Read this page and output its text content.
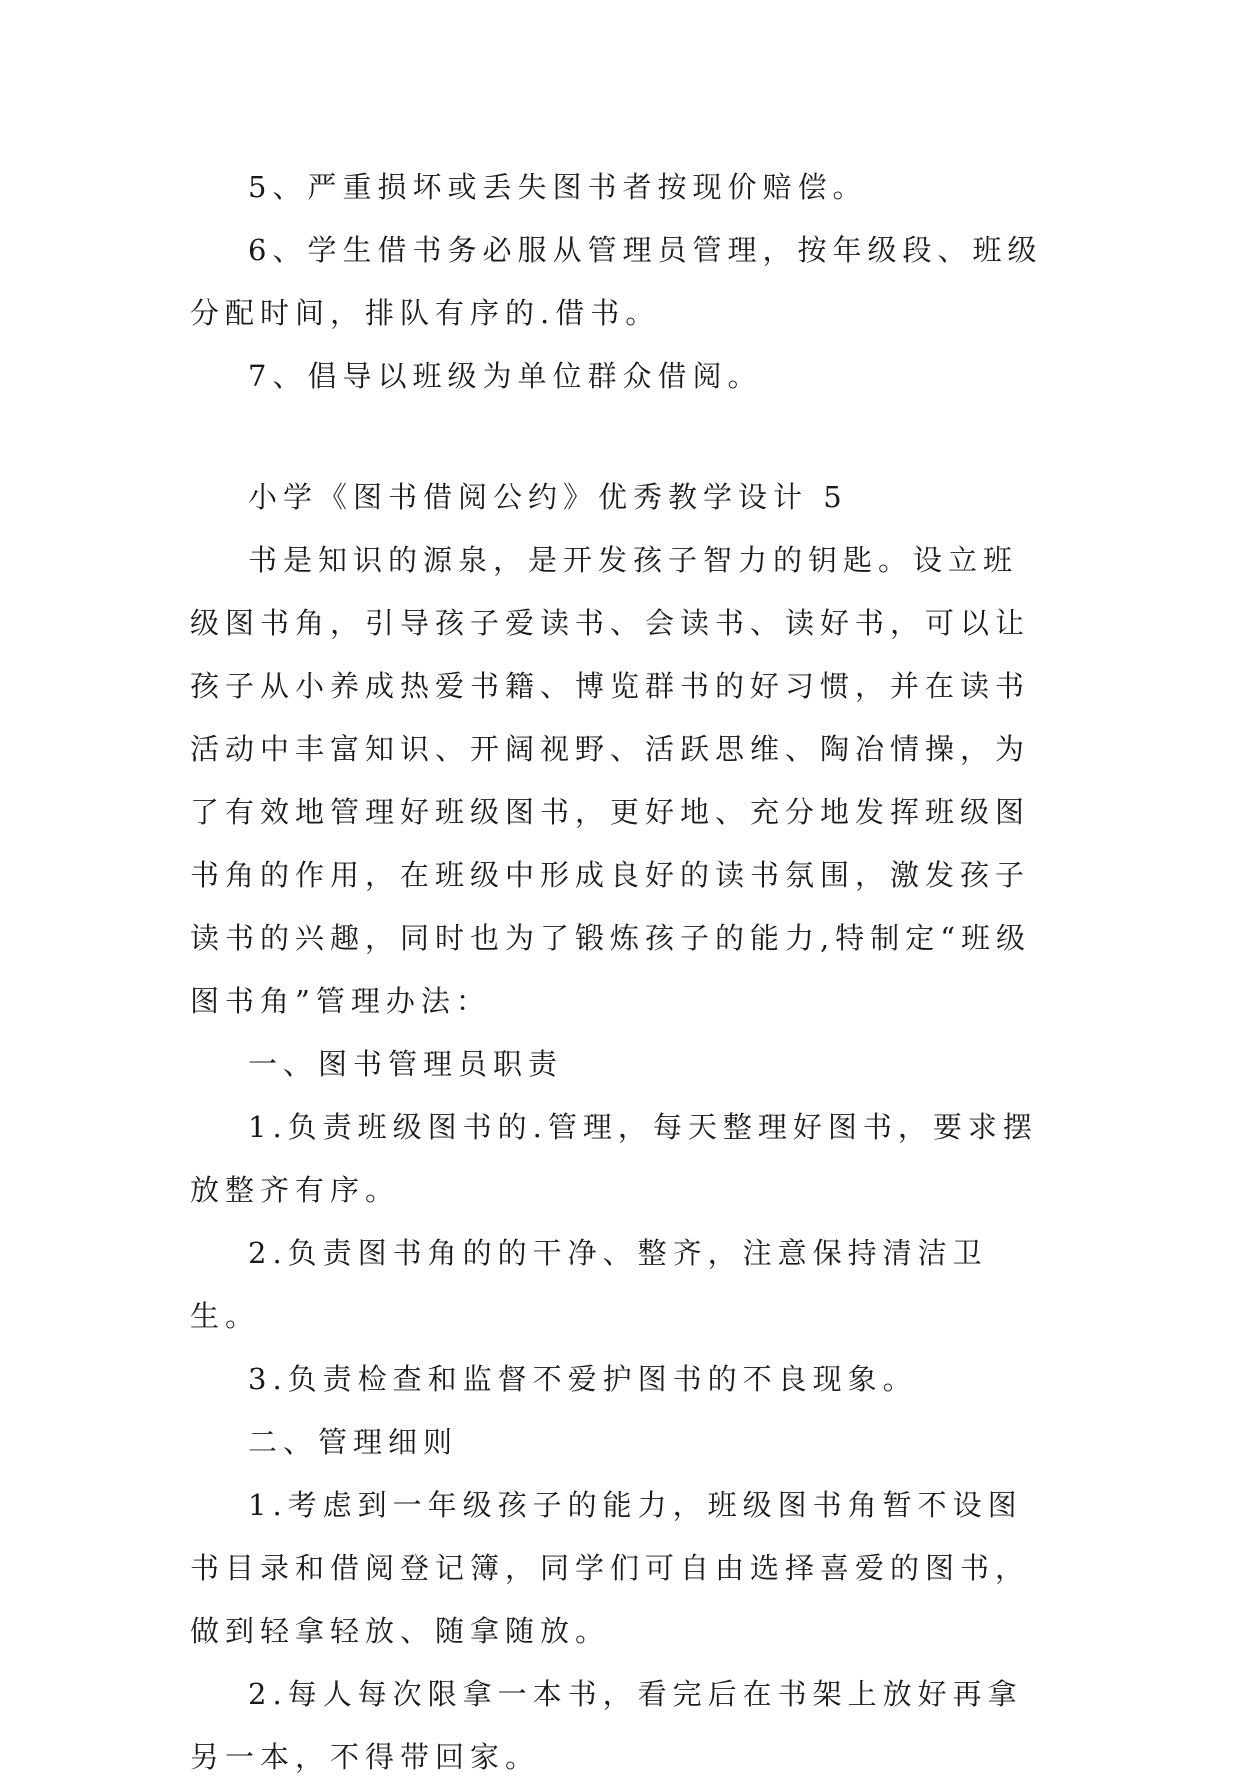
5、严重损坏或丢失图书者按现价赔偿。

6、学生借书务必服从管理员管理，按年级段、班级分配时间，排队有序的.借书。

7、倡导以班级为单位群众借阅。

小学《图书借阅公约》优秀教学设计 5

书是知识的源泉，是开发孩子智力的钥匙。设立班级图书角，引导孩子爱读书、会读书、读好书，可以让孩子从小养成热爱书籍、博览群书的好习惯，并在读书活动中丰富知识、开阔视野、活跃思维、陶冶情操，为了有效地管理好班级图书，更好地、充分地发挥班级图书角的作用，在班级中形成良好的读书氛围，激发孩子读书的兴趣，同时也为了锻炼孩子的能力,特制定“班级图书角”管理办法：

一、图书管理员职责

1.负责班级图书的.管理，每天整理好图书，要求摆放整齐有序。

2.负责图书角的的干净、整齐，注意保持清洁卫生。

3.负责检查和监督不爱护图书的不良现象。

二、管理细则

1.考虑到一年级孩子的能力，班级图书角暂不设图书目录和借阅登记簿，同学们可自由选择喜爱的图书，做到轻拿轻放、随拿随放。

2.每人每次限拿一本书，看完后在书架上放好再拿另一本，不得带回家。
